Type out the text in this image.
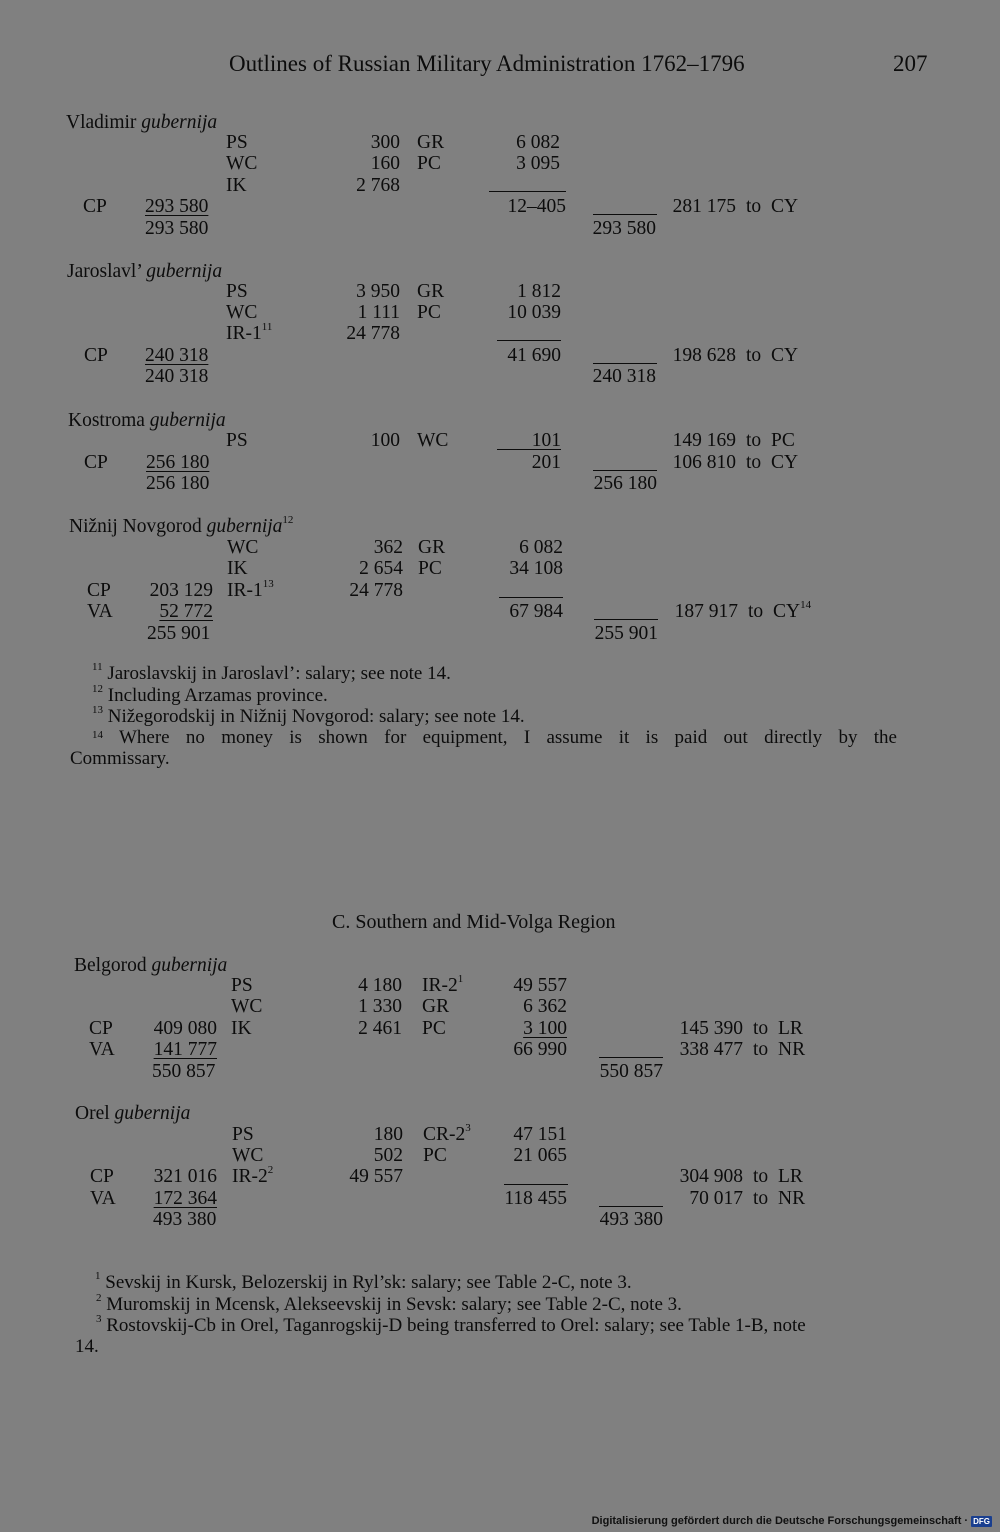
Outlines of Russian Military Administration 1762–1796	207
Vladimir gubernija
PS	300 GR	6 082
WC	160 PC	3 095
IK	2 768
CP 293 580	12–405	281 175 to CY
293 580	293 580
Jaroslavl’ gubernija
PS	3 950 GR	1 812
WC	1 111 PC	10 039
$IR-1^{11}$	24 778
CP 240 318	41 690	198 628 to CY
240 318	240 318
Kostroma gubernija
PS	100 WC	101	149 169 to PC
CP 256 180	201	106 810 to CY
256 180	256 180
Nižnij Novgorod gubernija$^{12}$
WC	362 GR	6 082
IK	2 654 PC	34 108
CP	203 129 $IR-1^{13}$	24 778
VA	52 772	67 984	187 917 to CY$^{14}$
255 901	255 901
$^{11}$ Jaroslavskij in Jaroslavl’: salary; see note 14.
$^{12}$ Including Arzamas province.
$^{13}$ Nižegorodskij in Nižnij Novgorod: salary; see note 14.
$^{14}$ Where no money is shown for equipment, I assume it is paid out directly by the
Commissary.
C. Southern and Mid-Volga Region
Belgorod gubernija
PS	4 180 $IR-2^1$	49 557
WC	1 330 GR	6 362
CP	409 080 IK	2 461 PC	3 100	145 390 to LR
VA	141 777	66 990	338 477 to NR
550 857	550 857
Orel gubernija
PS	180 $CR-2^3$	47 151
WC	502 PC	21 065
CP	321 016 $IR-2^2$	49 557	304 908 to LR
VA	172 364	118 455	70 017 to NR
493 380	493 380
$^1$ Sevskij in Kursk, Belozerskij in Ryl’sk: salary; see Table 2-C, note 3.
$^2$ Muromskij in Mcensk, Alekseevskij in Sevsk: salary; see Table 2-C, note 3.
$^3$ Rostovskij-Cb in Orel, Taganrogskij-D being transferred to Orel: salary; see Table 1-B, note
14.
Digitalisierung gefördert durch die Deutsche Forschungsgemeinschaft · DFG
